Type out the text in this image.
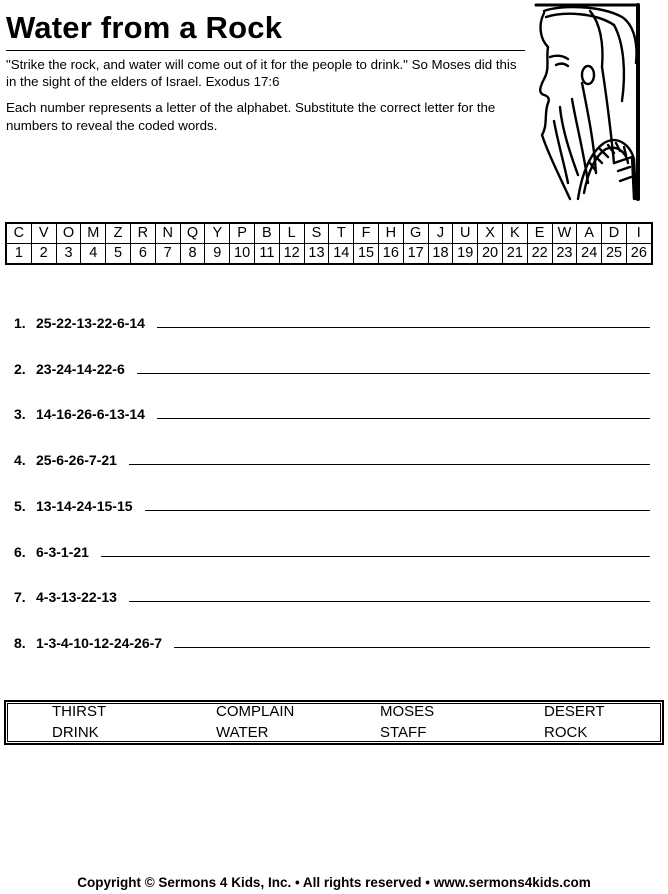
Water from a Rock
"Strike the rock, and water will come out of it for the people to drink." So Moses did this in the sight of the elders of Israel. Exodus 17:6
Each number represents a letter of the alphabet. Substitute the correct letter for the numbers to reveal the coded words.
C	V	O	M	Z	R	N	Q	Y	P	B	L	S	T	F	H	G	J	U	X	K	E	W	A	D	I
1	2	3	4	5	6	7	8	9	10	11	12	13	14	15	16	17	18	19	20	21	22	23	24	25	26
1. 25-22-13-22-6-14
2. 23-24-14-22-6
3. 14-16-26-6-13-14
4. 25-6-26-7-21
5. 13-14-24-15-15
6. 6-3-1-21
7. 4-3-13-22-13
8. 1-3-4-10-12-24-26-7
THIRST	COMPLAIN	MOSES	DESERT
DRINK	WATER	STAFF	ROCK
Copyright © Sermons 4 Kids, Inc. • All rights reserved • www.sermons4kids.com
